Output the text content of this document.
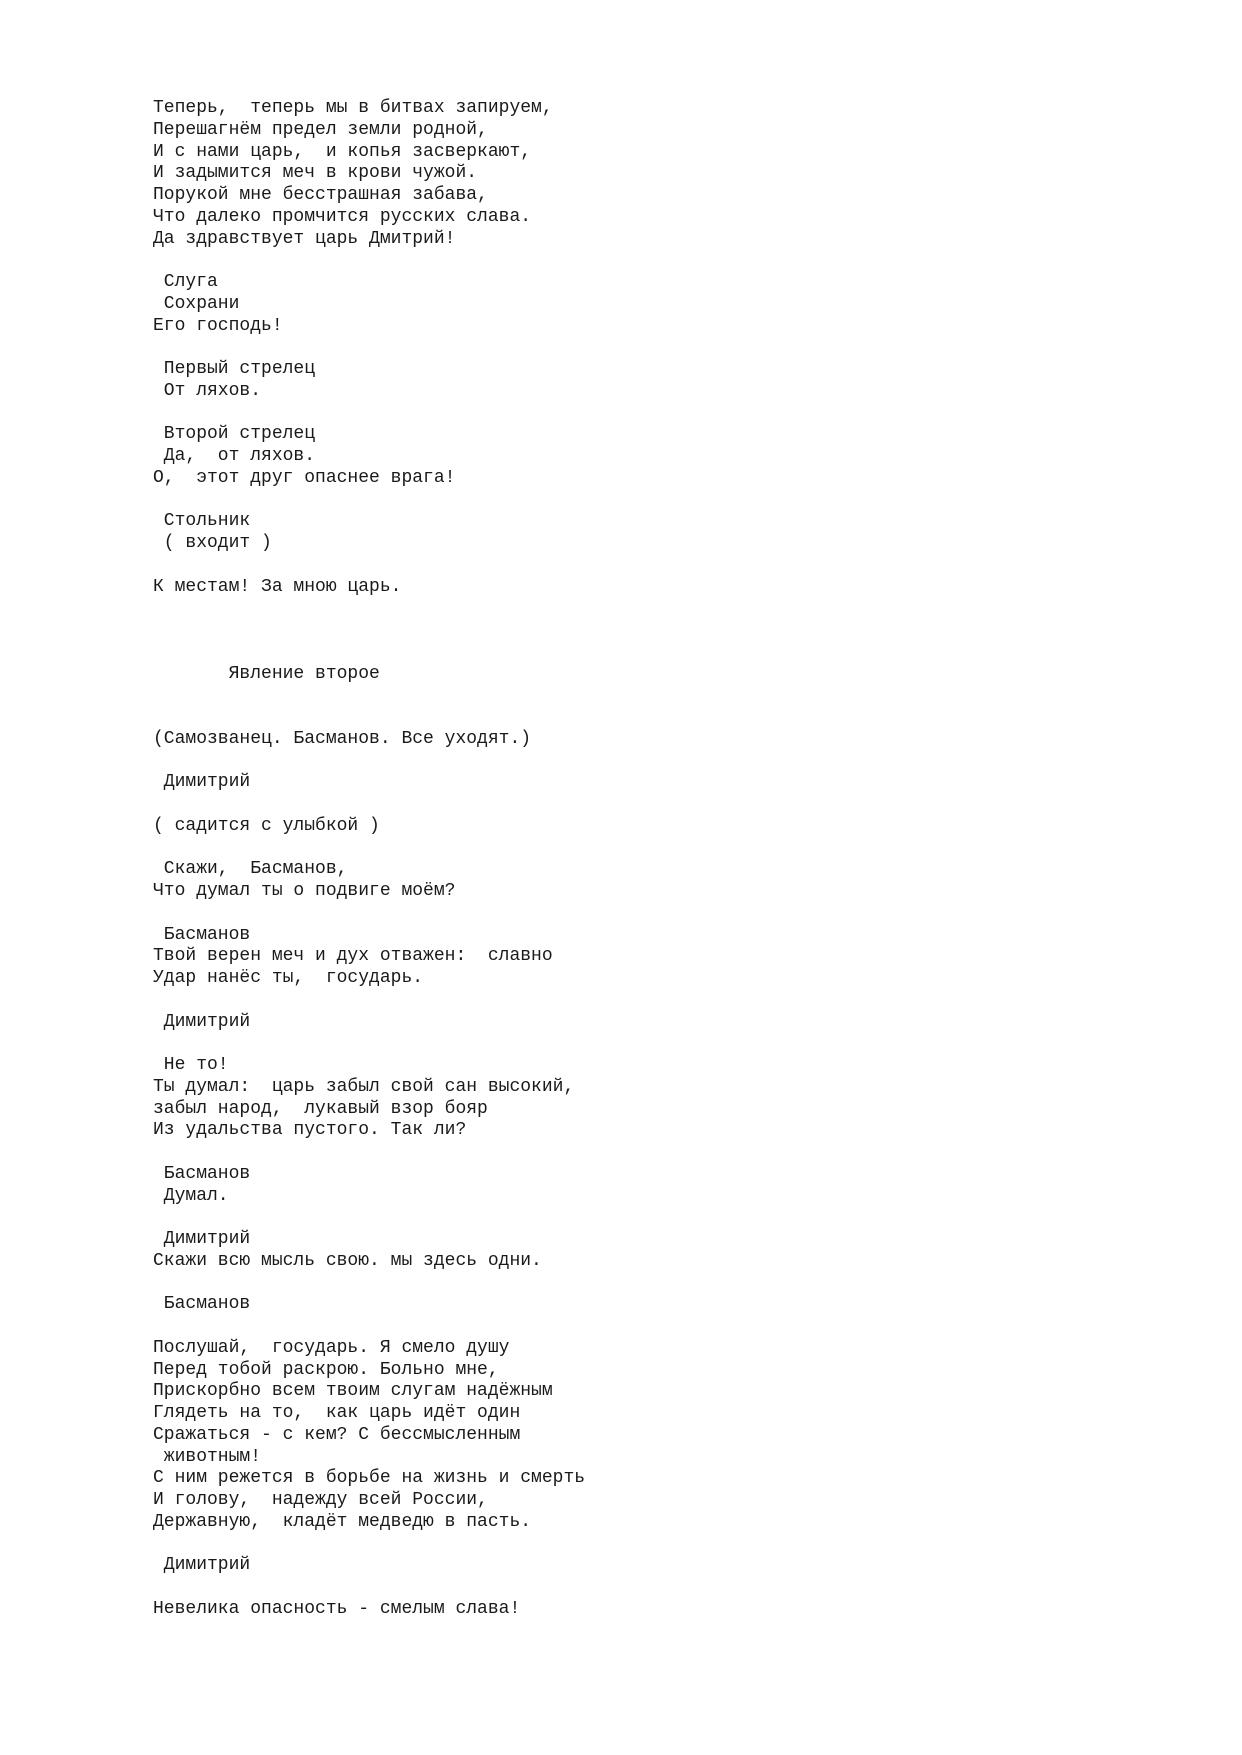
Теперь,  теперь мы в битвах запируем,
Перешагнём предел земли родной,
И с нами царь,  и копья засверкают,
И задымится меч в крови чужой.
Порукой мне бесстрашная забава,
Что далеко промчится русских слава.
Да здравствует царь Дмитрий!
Слуга
Сохрани
Его господь!
Первый стрелец
От ляхов.
Второй стрелец
Да,  от ляхов.
О,  этот друг опаснее врага!
Стольник
( входит )
К местам! За мною царь.
Явление второе
(Самозванец. Басманов. Все уходят.)
Димитрий
( садится с улыбкой )
Скажи,  Басманов,
Что думал ты о подвиге моём?
Басманов
Твой верен меч и дух отважен:  славно
Удар нанёс ты,  государь.
Димитрий
Не то!
Ты думал:  царь забыл свой сан высокий,
забыл народ,  лукавый взор бояр
Из удальства пустого. Так ли?
Басманов
Думал.
Димитрий
Скажи всю мысль свою. мы здесь одни.
Басманов
Послушай,  государь. Я смело душу
Перед тобой раскрою. Больно мне,
Прискорбно всем твоим слугам надёжным
Глядеть на то,  как царь идёт один
Сражаться - с кем? С бессмысленным
животным!
С ним режется в борьбе на жизнь и смерть
И голову,  надежду всей России,
Державную,  кладёт медведю в пасть.
Димитрий
Невелика опасность - смелым слава!
